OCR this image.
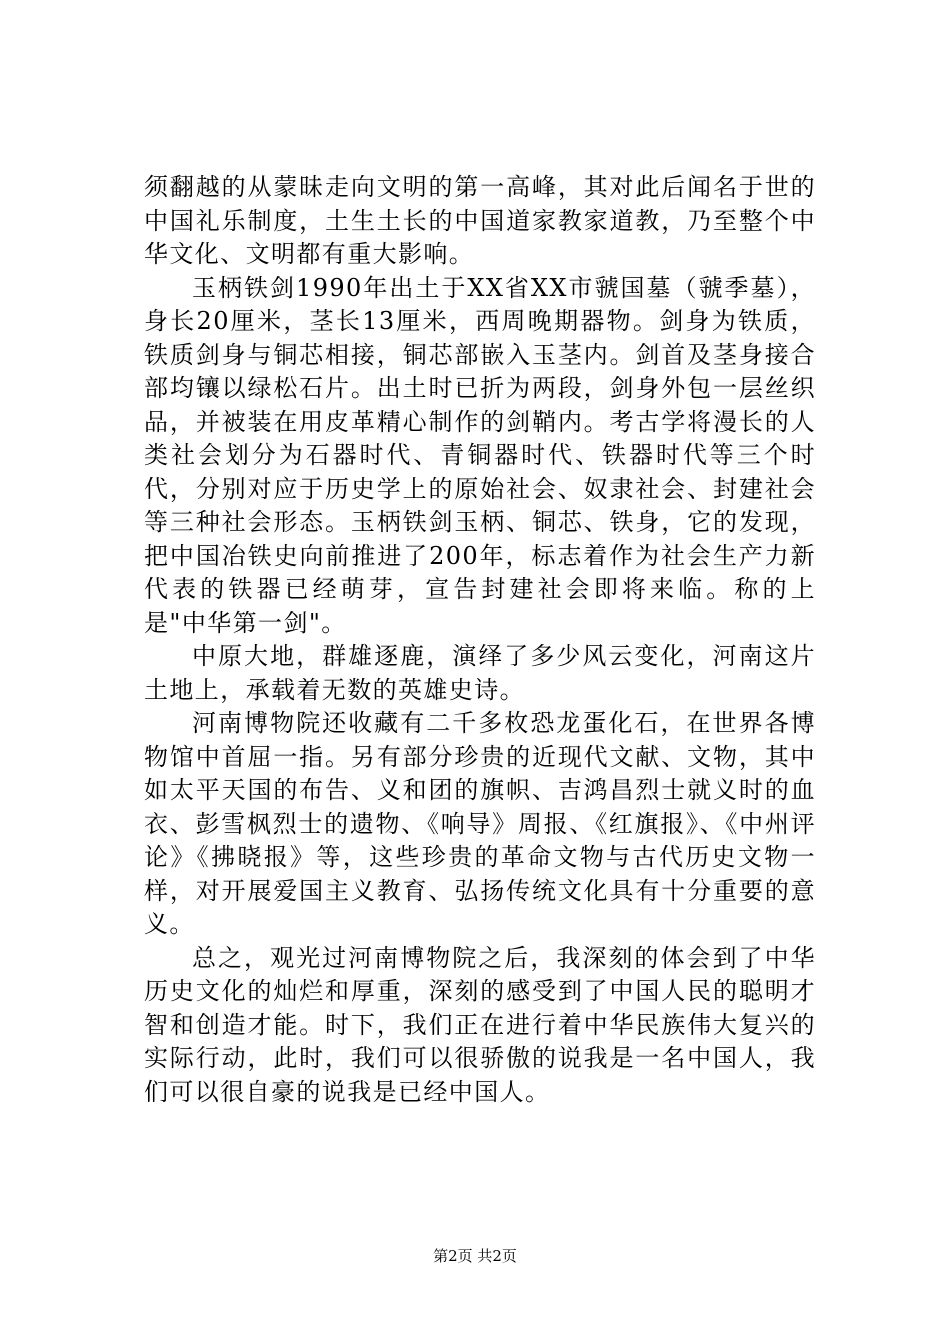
须翻越的从蒙昧走向文明的第一高峰，其对此后闻名于世的中国礼乐制度，土生土长的中国道家教家道教，乃至整个中华文化、文明都有重大影响。

玉柄铁剑1990年出土于XX省XX市虢国墓（虢季墓），身长20厘米，茎长13厘米，西周晚期器物。剑身为铁质，铁质剑身与铜芯相接，铜芯部嵌入玉茎内。剑首及茎身接合部均镶以绿松石片。出土时已折为两段，剑身外包一层丝织品，并被装在用皮革精心制作的剑鞘内。考古学将漫长的人类社会划分为石器时代、青铜器时代、铁器时代等三个时代，分别对应于历史学上的原始社会、奴隶社会、封建社会等三种社会形态。玉柄铁剑玉柄、铜芯、铁身，它的发现，把中国冶铁史向前推进了200年，标志着作为社会生产力新代表的铁器已经萌芽，宣告封建社会即将来临。称的上是"中华第一剑"。

中原大地，群雄逐鹿，演绎了多少风云变化，河南这片土地上，承载着无数的英雄史诗。

河南博物院还收藏有二千多枚恐龙蛋化石，在世界各博物馆中首屈一指。另有部分珍贵的近现代文献、文物，其中如太平天国的布告、义和团的旗帜、吉鸿昌烈士就义时的血衣、彭雪枫烈士的遗物、《响导》周报、《红旗报》、《中州评论》《拂晓报》等，这些珍贵的革命文物与古代历史文物一样，对开展爱国主义教育、弘扬传统文化具有十分重要的意义。

总之，观光过河南博物院之后，我深刻的体会到了中华历史文化的灿烂和厚重，深刻的感受到了中国人民的聪明才智和创造才能。时下，我们正在进行着中华民族伟大复兴的实际行动，此时，我们可以很骄傲的说我是一名中国人，我们可以很自豪的说我是已经中国人。

第2页 共2页
